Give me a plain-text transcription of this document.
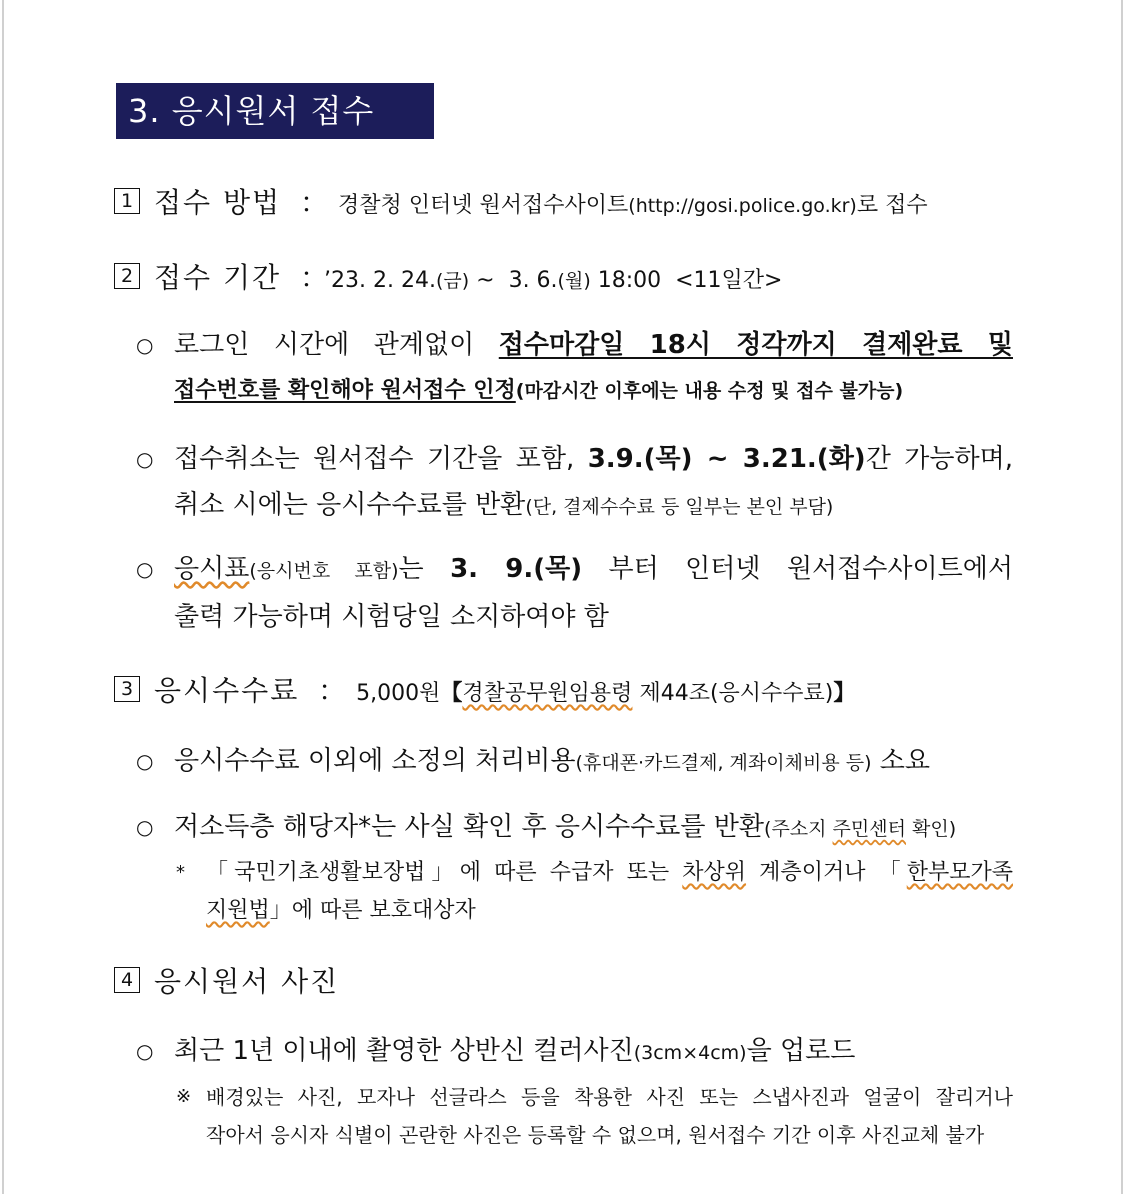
3. 응시원서 접수
1 접수 방법 ： 경찰청 인터넷 원서접수사이트(http://gosi.police.go.kr)로 접수
2 접수 기간 ： ’23. 2. 24.(금) ~  3. 6.(월) 18:00  <11일간>
○ 로그인 시간에 관계없이 접수마감일 18시 정각까지 결제완료 및
접수번호를 확인해야 원서접수 인정(마감시간 이후에는 내용 수정 및 접수 불가능)
○ 접수취소는 원서접수 기간을 포함, 3.9.(목) ~ 3.21.(화)간 가능하며,
취소 시에는 응시수수료를 반환(단, 결제수수료 등 일부는 본인 부담)
○ 응시표(응시번호 포함)는 3. 9.(목) 부터 인터넷 원서접수사이트에서
출력 가능하며 시험당일 소지하여야 함
3 응시수수료 ： 5,000원【경찰공무원임용령 제44조(응시수수료)】
○ 응시수수료 이외에 소정의 처리비용(휴대폰·카드결제, 계좌이체비용 등) 소요
○ 저소득층 해당자*는 사실 확인 후 응시수수료를 반환(주소지 주민센터 확인)
* 「국민기초생활보장법」에 따른 수급자 또는 차상위 계층이거나 「한부모가족
지원법」에 따른 보호대상자
4 응시원서 사진
○ 최근 1년 이내에 촬영한 상반신 컬러사진(3cm×4cm)을 업로드
※ 배경있는 사진, 모자나 선글라스 등을 착용한 사진 또는 스냅사진과 얼굴이 잘리거나
작아서 응시자 식별이 곤란한 사진은 등록할 수 없으며, 원서접수 기간 이후 사진교체 불가
